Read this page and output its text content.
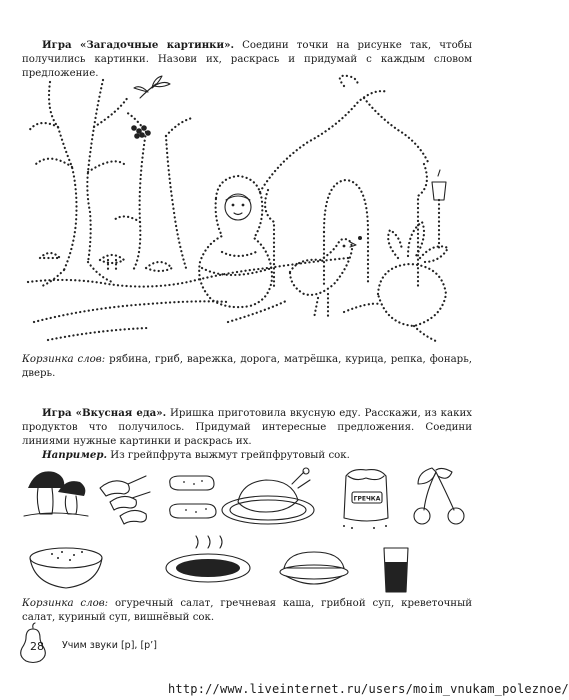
Игра «Загадочные картинки». Соедини точки на рисунке так, чтобы получились картинки. Назови их, раскрась и придумай с каждым словом предложение.
Корзинка слов: рябина, гриб, варежка, дорога, матрёшка, курица, репка, фонарь, дверь.
Игра «Вкусная еда». Иришка приготовила вкусную еду. Расскажи, из каких продуктов что получилось. Придумай интересные предложения. Соедини линиями нужные картинки и раскрась их.
Например. Из грейпфрута выжмут грейпфрутовый сок.
ГРЕЧКА
Корзинка слов: огуречный салат, гречневая каша, грибной суп, креветочный салат, куриный суп, вишнёвый сок.
28 Учим звуки [р], [р’]
http://www.liveinternet.ru/users/moim_vnukam_poleznoe/
